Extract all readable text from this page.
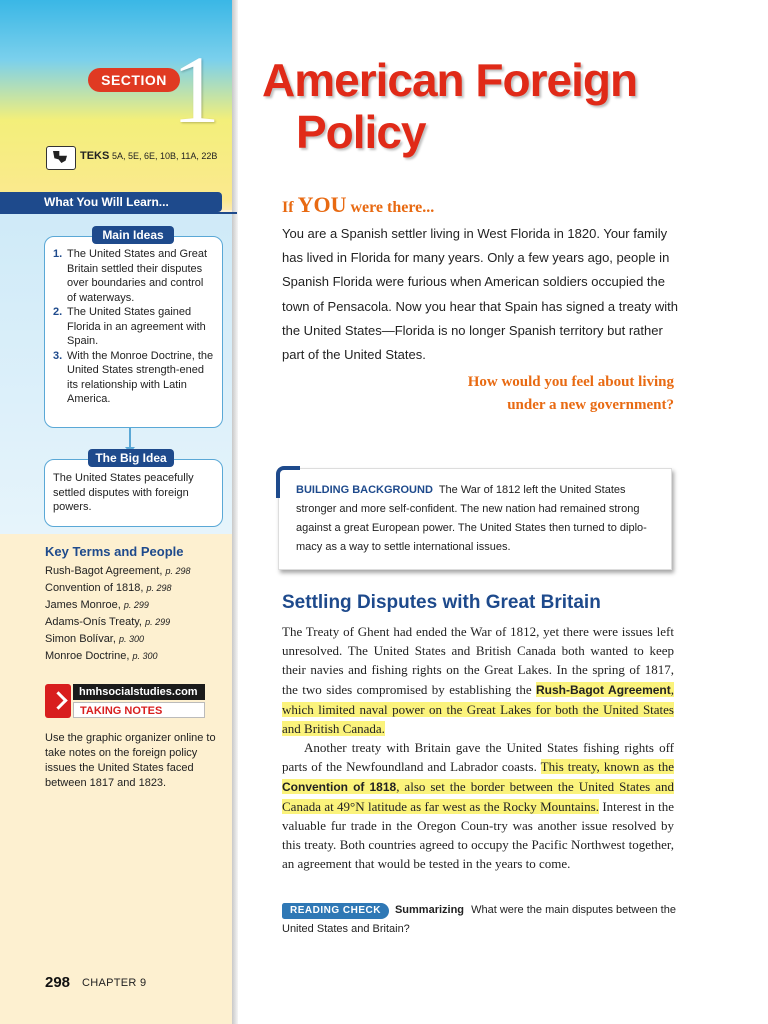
SECTION 1
TEKS 5A, 5E, 6E, 10B, 11A, 22B
What You Will Learn...
1. The United States and Great Britain settled their disputes over boundaries and control of waterways.
2. The United States gained Florida in an agreement with Spain.
3. With the Monroe Doctrine, the United States strength-ened its relationship with Latin America.
Main Ideas
The United States peacefully settled disputes with foreign powers.
The Big Idea
Key Terms and People
Rush-Bagot Agreement, p. 298
Convention of 1818, p. 298
James Monroe, p. 299
Adams-Onís Treaty, p. 299
Simon Bolívar, p. 300
Monroe Doctrine, p. 300
hmhsocialstudies.com
TAKING NOTES
Use the graphic organizer online to take notes on the foreign policy issues the United States faced between 1817 and 1823.
298 CHAPTER 9
American Foreign
Policy
If YOU were there...
You are a Spanish settler living in West Florida in 1820. Your family has lived in Florida for many years. Only a few years ago, people in Spanish Florida were furious when American soldiers occupied the town of Pensacola. Now you hear that Spain has signed a treaty with the United States—Florida is no longer Spanish territory but rather part of the United States.
How would you feel about living
under a new government?
BUILDING BACKGROUND The War of 1812 left the United States stronger and more self-confident. The new nation had remained strong against a great European power. The United States then turned to diplo-macy as a way to settle international issues.
Settling Disputes with Great Britain

The Treaty of Ghent had ended the War of 1812, yet there were issues left unresolved. The United States and British Canada both wanted to keep their navies and fishing rights on the Great Lakes. In the spring of 1817, the two sides compromised by establishing the Rush-Bagot Agreement, which limited naval power on the Great Lakes for both the United States and British Canada.

Another treaty with Britain gave the United States fishing rights off parts of the Newfoundland and Labrador coasts. This treaty, known as the Convention of 1818, also set the border between the United States and Canada at 49°N latitude as far west as the Rocky Mountains. Interest in the valuable fur trade in the Oregon Coun-try was another issue resolved by this treaty. Both countries agreed to occupy the Pacific Northwest together, an agreement that would be tested in the years to come.

READING CHECK Summarizing What were the main disputes between the United States and Britain?
